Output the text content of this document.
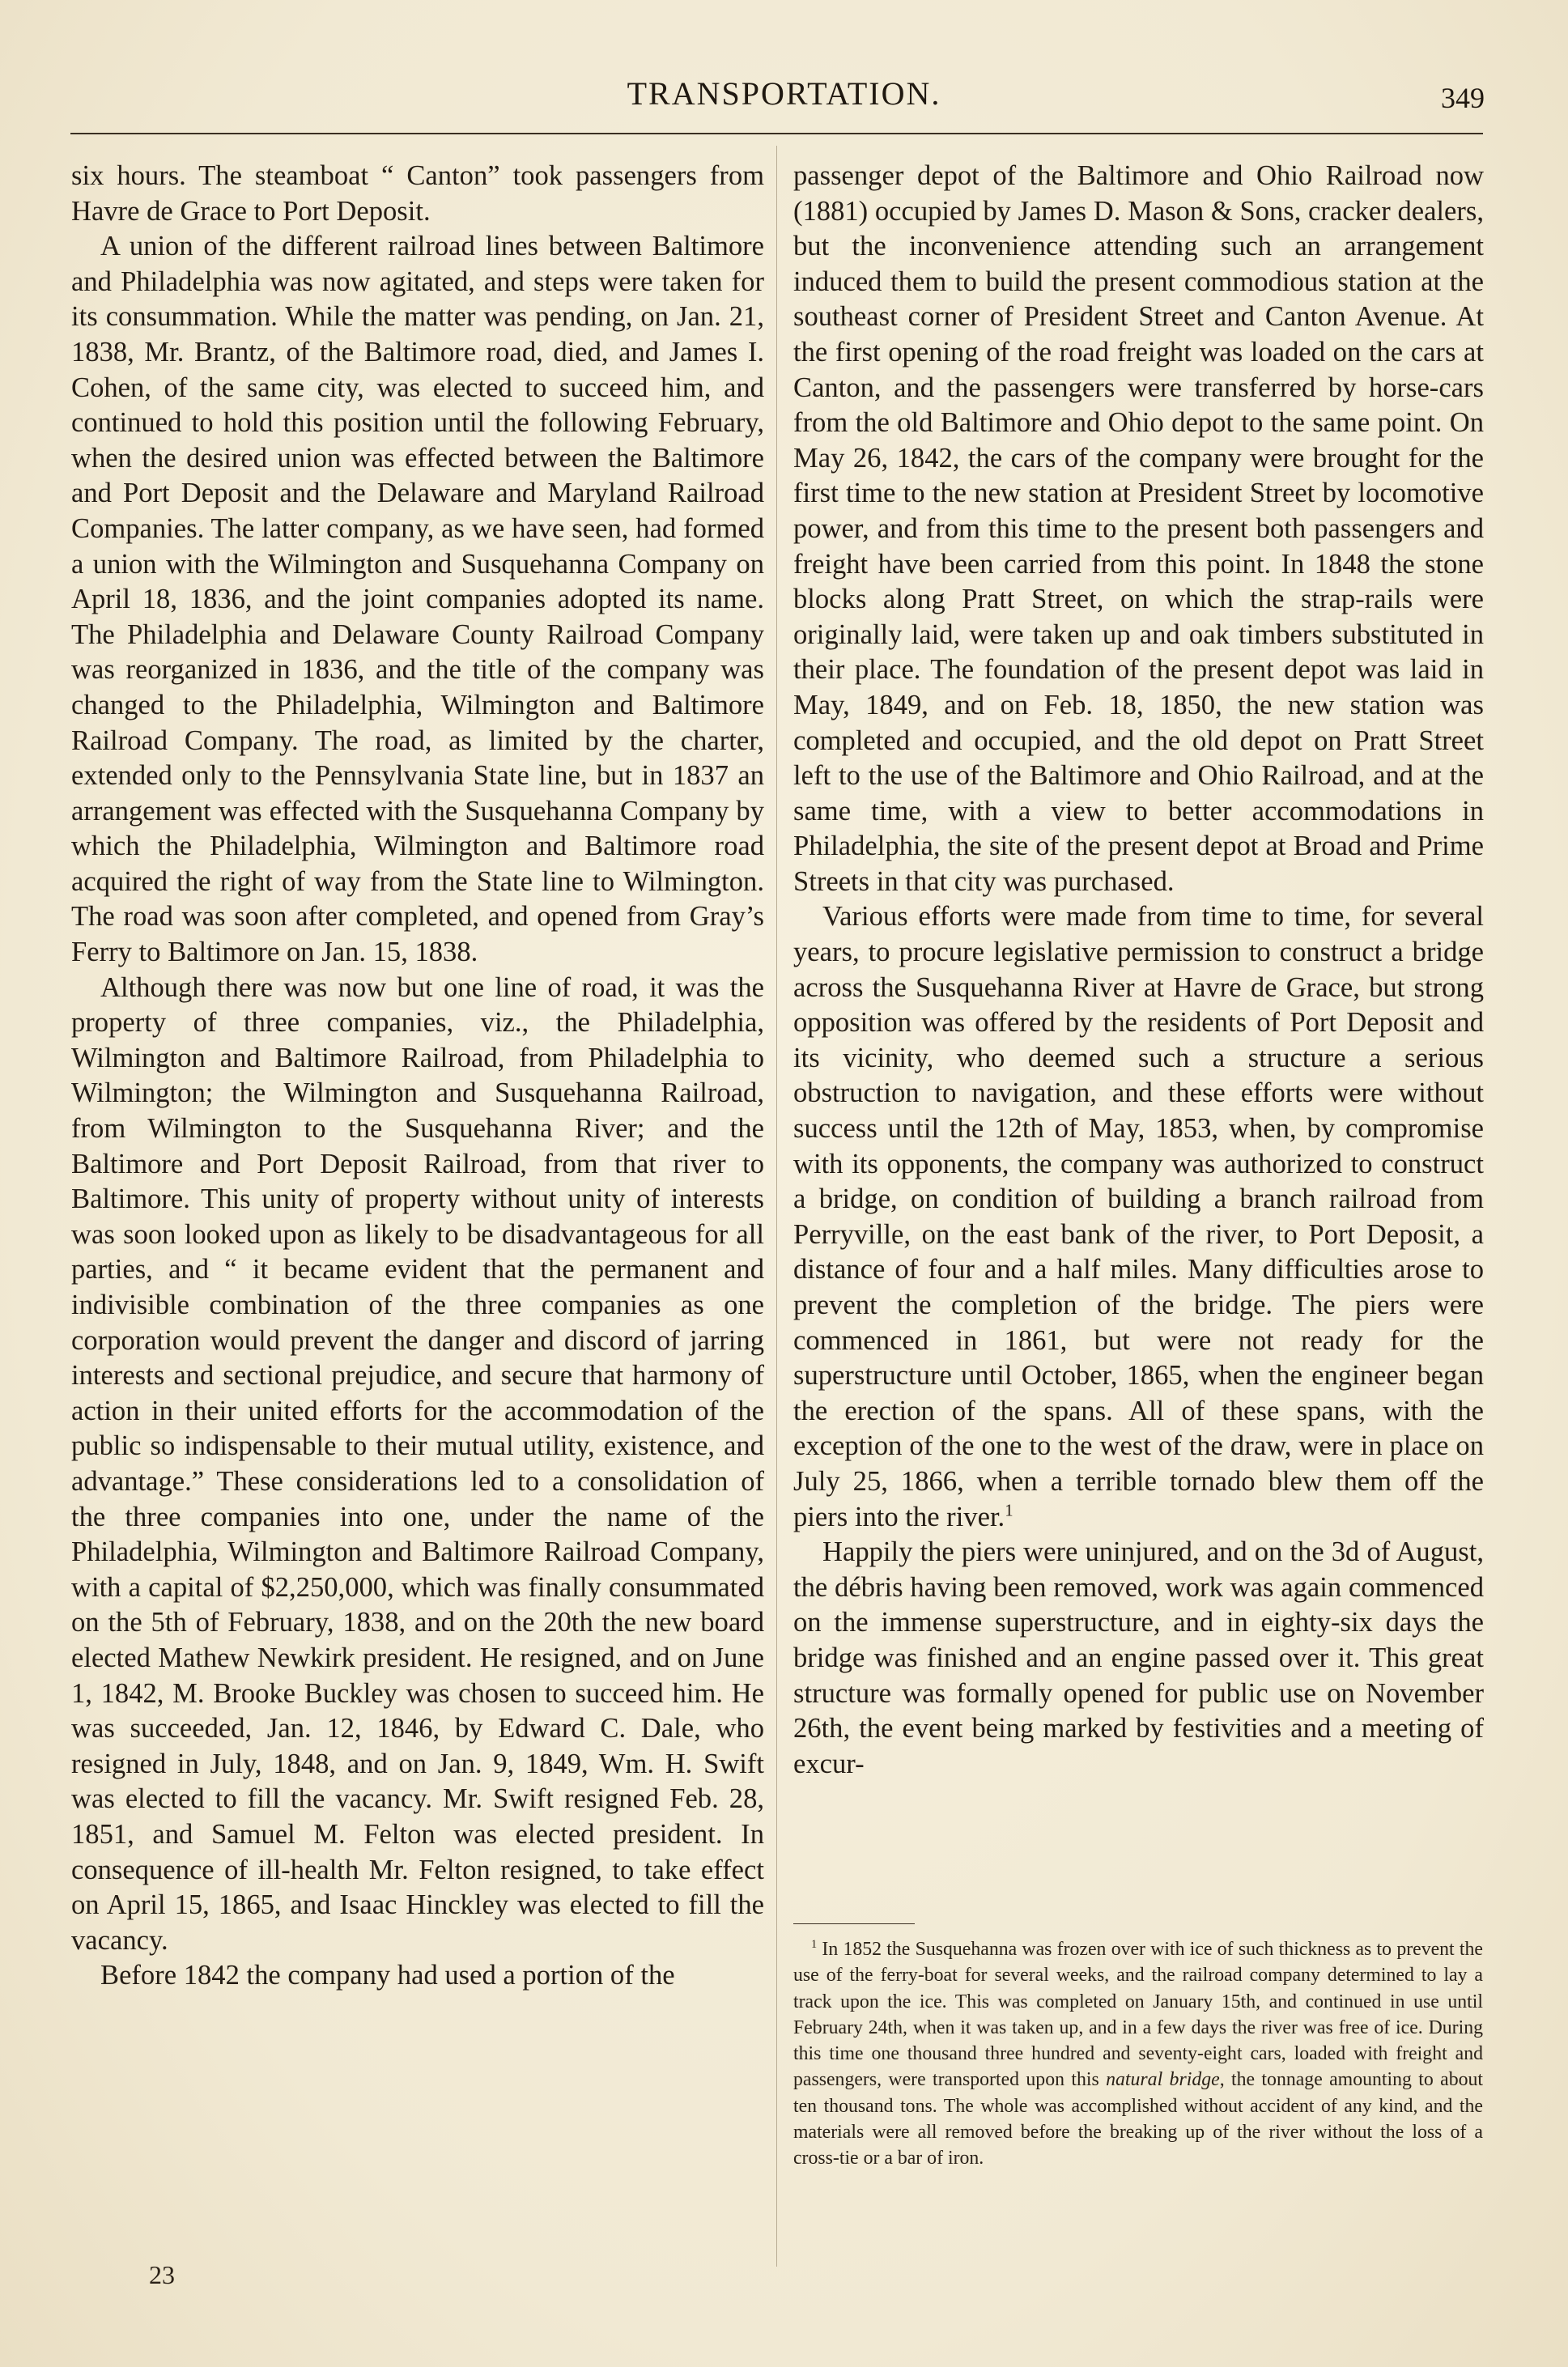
TRANSPORTATION.	349

six hours. The steamboat “ Canton” took passengers from Havre de Grace to Port Deposit.

A union of the different railroad lines between Baltimore and Philadelphia was now agitated, and steps were taken for its consummation. While the matter was pending, on Jan. 21, 1838, Mr. Brantz, of the Baltimore road, died, and James I. Cohen, of the same city, was elected to succeed him, and continued to hold this position until the following February, when the desired union was effected between the Baltimore and Port Deposit and the Delaware and Maryland Railroad Companies. The latter company, as we have seen, had formed a union with the Wilmington and Susquehanna Company on April 18, 1836, and the joint companies adopted its name. The Philadelphia and Delaware County Railroad Company was reorganized in 1836, and the title of the company was changed to the Philadelphia, Wilmington and Baltimore Railroad Company. The road, as limited by the charter, extended only to the Pennsylvania State line, but in 1837 an arrangement was effected with the Susquehanna Company by which the Philadelphia, Wilmington and Baltimore road acquired the right of way from the State line to Wilmington. The road was soon after completed, and opened from Gray’s Ferry to Baltimore on Jan. 15, 1838.

Although there was now but one line of road, it was the property of three companies, viz., the Philadelphia, Wilmington and Baltimore Railroad, from Philadelphia to Wilmington; the Wilmington and Susquehanna Railroad, from Wilmington to the Susquehanna River; and the Baltimore and Port Deposit Railroad, from that river to Baltimore. This unity of property without unity of interests was soon looked upon as likely to be disadvantageous for all parties, and “ it became evident that the permanent and indivisible combination of the three companies as one corporation would prevent the danger and discord of jarring interests and sectional prejudice, and secure that harmony of action in their united efforts for the accommodation of the public so indispensable to their mutual utility, existence, and advantage.” These considerations led to a consolidation of the three companies into one, under the name of the Philadelphia, Wilmington and Baltimore Railroad Company, with a capital of $2,250,000, which was finally consummated on the 5th of February, 1838, and on the 20th the new board elected Mathew Newkirk president. He resigned, and on June 1, 1842, M. Brooke Buckley was chosen to succeed him. He was succeeded, Jan. 12, 1846, by Edward C. Dale, who resigned in July, 1848, and on Jan. 9, 1849, Wm. H. Swift was elected to fill the vacancy. Mr. Swift resigned Feb. 28, 1851, and Samuel M. Felton was elected president. In consequence of ill-health Mr. Felton resigned, to take effect on April 15, 1865, and Isaac Hinckley was elected to fill the vacancy.

Before 1842 the company had used a portion of the

23

passenger depot of the Baltimore and Ohio Railroad now (1881) occupied by James D. Mason & Sons, cracker dealers, but the inconvenience attending such an arrangement induced them to build the present commodious station at the southeast corner of President Street and Canton Avenue. At the first opening of the road freight was loaded on the cars at Canton, and the passengers were transferred by horse-cars from the old Baltimore and Ohio depot to the same point. On May 26, 1842, the cars of the company were brought for the first time to the new station at President Street by locomotive power, and from this time to the present both passengers and freight have been carried from this point. In 1848 the stone blocks along Pratt Street, on which the strap-rails were originally laid, were taken up and oak timbers substituted in their place. The foundation of the present depot was laid in May, 1849, and on Feb. 18, 1850, the new station was completed and occupied, and the old depot on Pratt Street left to the use of the Baltimore and Ohio Railroad, and at the same time, with a view to better accommodations in Philadelphia, the site of the present depot at Broad and Prime Streets in that city was purchased.

Various efforts were made from time to time, for several years, to procure legislative permission to construct a bridge across the Susquehanna River at Havre de Grace, but strong opposition was offered by the residents of Port Deposit and its vicinity, who deemed such a structure a serious obstruction to navigation, and these efforts were without success until the 12th of May, 1853, when, by compromise with its opponents, the company was authorized to construct a bridge, on condition of building a branch railroad from Perryville, on the east bank of the river, to Port Deposit, a distance of four and a half miles. Many difficulties arose to prevent the completion of the bridge. The piers were commenced in 1861, but were not ready for the superstructure until October, 1865, when the engineer began the erection of the spans. All of these spans, with the exception of the one to the west of the draw, were in place on July 25, 1866, when a terrible tornado blew them off the piers into the river.$^1$

Happily the piers were uninjured, and on the 3d of August, the débris having been removed, work was again commenced on the immense superstructure, and in eighty-six days the bridge was finished and an engine passed over it. This great structure was formally opened for public use on November 26th, the event being marked by festivities and a meeting of excur-

$^1$ In 1852 the Susquehanna was frozen over with ice of such thickness as to prevent the use of the ferry-boat for several weeks, and the railroad company determined to lay a track upon the ice. This was completed on January 15th, and continued in use until February 24th, when it was taken up, and in a few days the river was free of ice. During this time one thousand three hundred and seventy-eight cars, loaded with freight and passengers, were transported upon this natural bridge, the tonnage amounting to about ten thousand tons. The whole was accomplished without accident of any kind, and the materials were all removed before the breaking up of the river without the loss of a cross-tie or a bar of iron.
